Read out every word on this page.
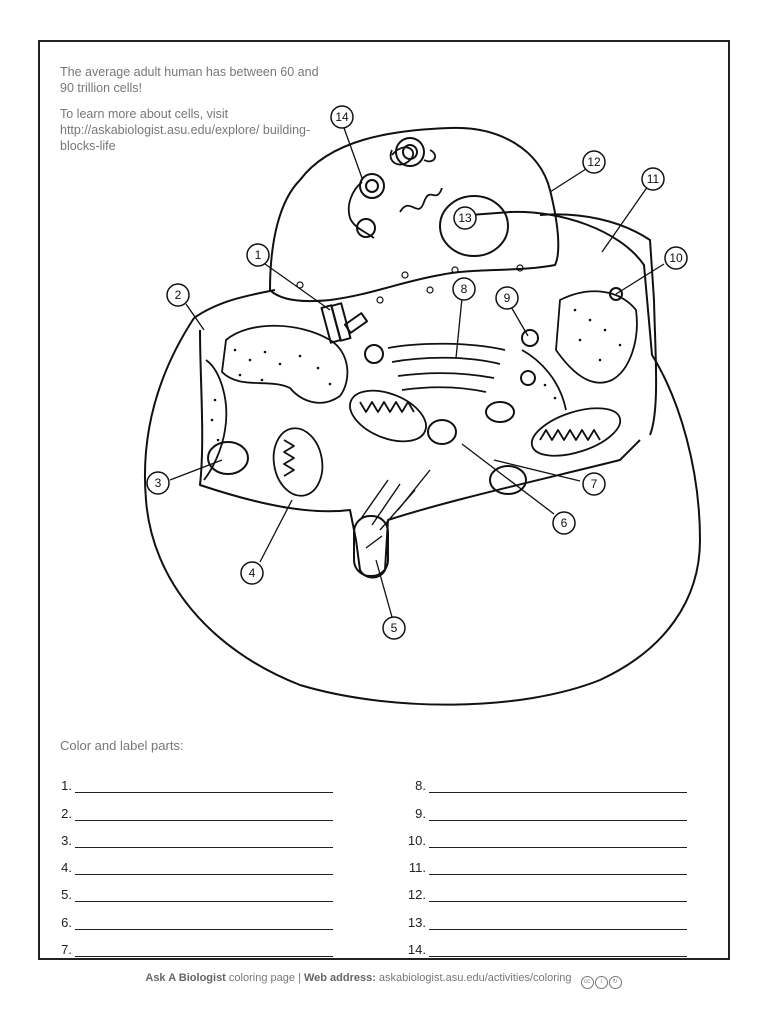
The average adult human has between 60 and 90 trillion cells!

To learn more about cells, visit http://askabiologist.asu.edu/explore/ building-blocks-life

1
2
3
4
5
6
7
8
9
10
11
12
13
14
Color and label parts:
1.
2.
3.
4.
5.
6.
7.
8.
9.
10.
11.
12.
13.
14.
Ask A Biologist coloring page | Web address: askabiologist.asu.edu/activities/coloring cc i ↻
